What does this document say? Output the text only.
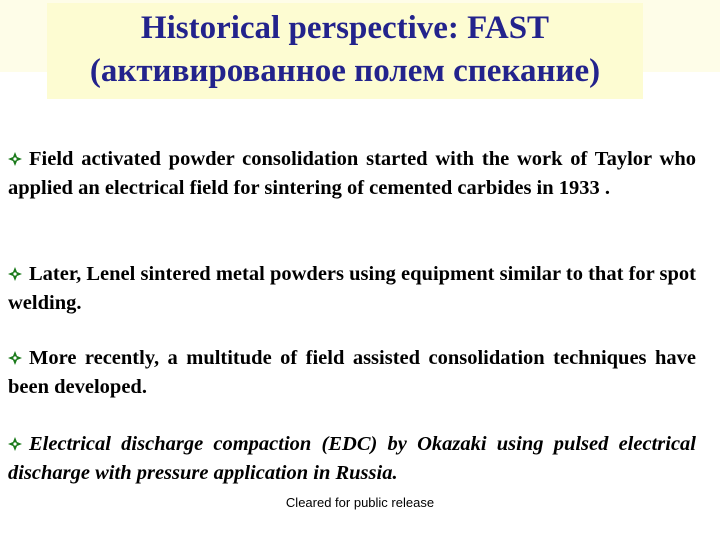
Historical perspective: FAST
(активированное полем спекание)
Field activated powder consolidation started with the work of Taylor who applied an electrical field for sintering of cemented carbides in 1933 .
Later, Lenel sintered metal powders using equipment similar to that for spot welding.
More recently, a multitude of field assisted consolidation techniques have been developed.
Electrical discharge compaction (EDC) by Okazaki using pulsed electrical discharge with pressure application in Russia.
Cleared for public release
